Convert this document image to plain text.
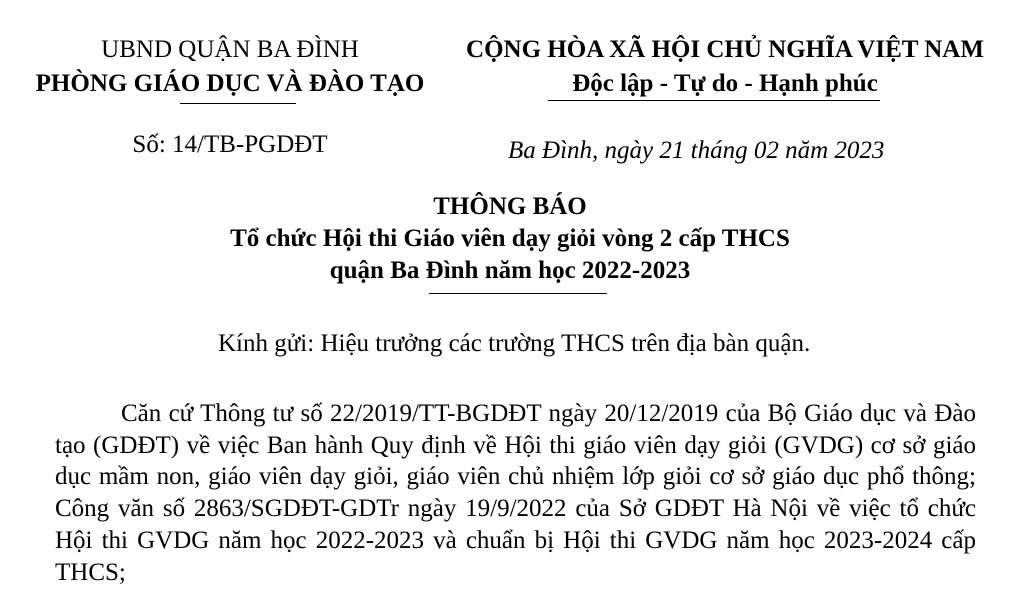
UBND QUẬN BA ĐÌNH
PHÒNG GIÁO DỤC VÀ ĐÀO TẠO
CỘNG HÒA XÃ HỘI CHỦ NGHĨA VIỆT NAM
Độc lập - Tự do - Hạnh phúc
Số: 14/TB-PGDĐT	Ba Đình, ngày 21 tháng 02 năm 2023
THÔNG BÁO
Tổ chức Hội thi Giáo viên dạy giỏi vòng 2 cấp THCS
quận Ba Đình năm học 2022-2023
Kính gửi: Hiệu trưởng các trường THCS trên địa bàn quận.

Căn cứ Thông tư số 22/2019/TT-BGDĐT ngày 20/12/2019 của Bộ Giáo dục và Đào tạo (GDĐT) về việc Ban hành Quy định về Hội thi giáo viên dạy giỏi (GVDG) cơ sở giáo dục mầm non, giáo viên dạy giỏi, giáo viên chủ nhiệm lớp giỏi cơ sở giáo dục phổ thông; Công văn số 2863/SGDĐT-GDTr ngày 19/9/2022 của Sở GDĐT Hà Nội về việc tổ chức Hội thi GVDG năm học 2022-2023 và chuẩn bị Hội thi GVDG năm học 2023-2024 cấp THCS;
